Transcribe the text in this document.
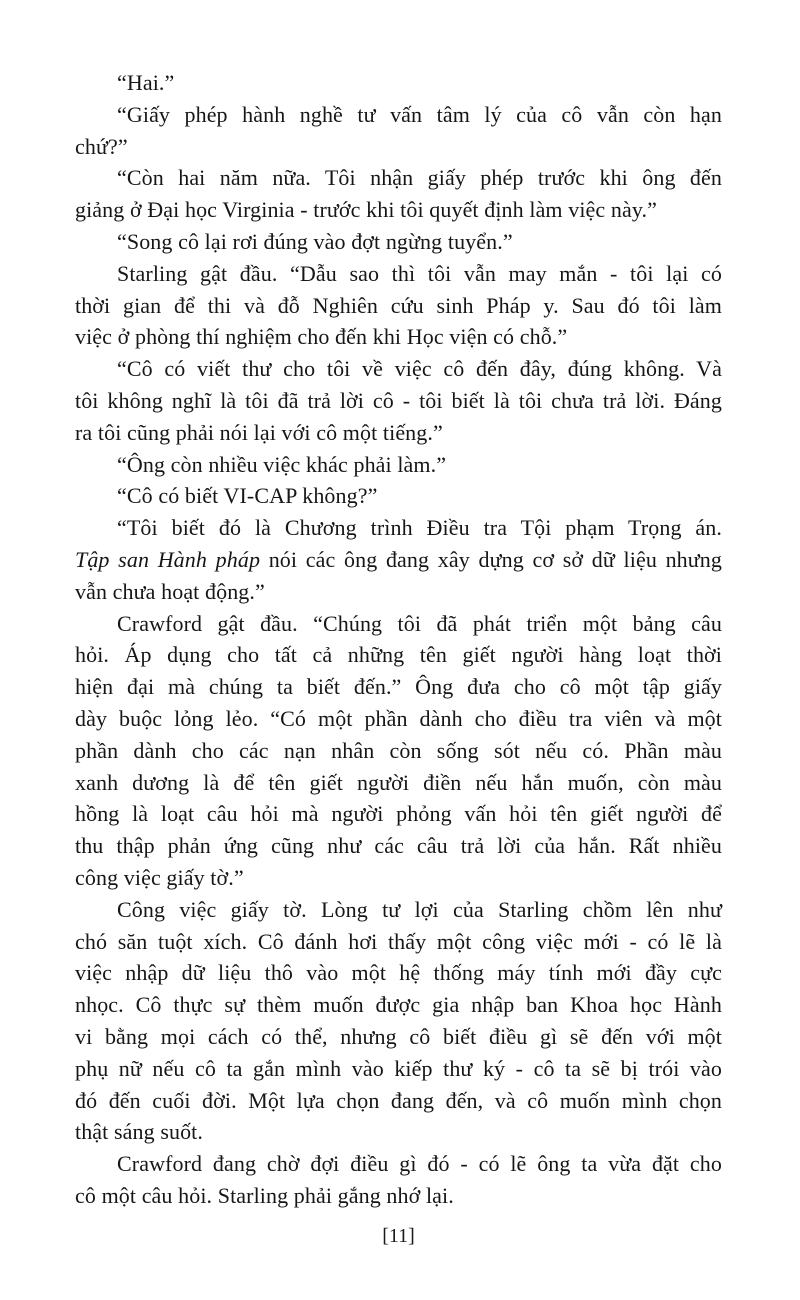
“Hai.”
“Giấy phép hành nghề tư vấn tâm lý của cô vẫn còn hạn
chứ?”
“Còn hai năm nữa. Tôi nhận giấy phép trước khi ông đến
giảng ở Đại học Virginia - trước khi tôi quyết định làm việc này.”
“Song cô lại rơi đúng vào đợt ngừng tuyển.”
Starling gật đầu. “Dẫu sao thì tôi vẫn may mắn - tôi lại có
thời gian để thi và đỗ Nghiên cứu sinh Pháp y. Sau đó tôi làm
việc ở phòng thí nghiệm cho đến khi Học viện có chỗ.”
“Cô có viết thư cho tôi về việc cô đến đây, đúng không. Và
tôi không nghĩ là tôi đã trả lời cô - tôi biết là tôi chưa trả lời. Đáng
ra tôi cũng phải nói lại với cô một tiếng.”
“Ông còn nhiều việc khác phải làm.”
“Cô có biết VI-CAP không?”
“Tôi biết đó là Chương trình Điều tra Tội phạm Trọng án.
Tập san Hành pháp nói các ông đang xây dựng cơ sở dữ liệu nhưng
vẫn chưa hoạt động.”
Crawford gật đầu. “Chúng tôi đã phát triển một bảng câu
hỏi. Áp dụng cho tất cả những tên giết người hàng loạt thời
hiện đại mà chúng ta biết đến.” Ông đưa cho cô một tập giấy
dày buộc lỏng lẻo. “Có một phần dành cho điều tra viên và một
phần dành cho các nạn nhân còn sống sót nếu có. Phần màu
xanh dương là để tên giết người điền nếu hắn muốn, còn màu
hồng là loạt câu hỏi mà người phỏng vấn hỏi tên giết người để
thu thập phản ứng cũng như các câu trả lời của hắn. Rất nhiều
công việc giấy tờ.”
Công việc giấy tờ. Lòng tư lợi của Starling chồm lên như
chó săn tuột xích. Cô đánh hơi thấy một công việc mới - có lẽ là
việc nhập dữ liệu thô vào một hệ thống máy tính mới đầy cực
nhọc. Cô thực sự thèm muốn được gia nhập ban Khoa học Hành
vi bằng mọi cách có thể, nhưng cô biết điều gì sẽ đến với một
phụ nữ nếu cô ta gắn mình vào kiếp thư ký - cô ta sẽ bị trói vào
đó đến cuối đời. Một lựa chọn đang đến, và cô muốn mình chọn
thật sáng suốt.
Crawford đang chờ đợi điều gì đó - có lẽ ông ta vừa đặt cho
cô một câu hỏi. Starling phải gắng nhớ lại.
[11]
